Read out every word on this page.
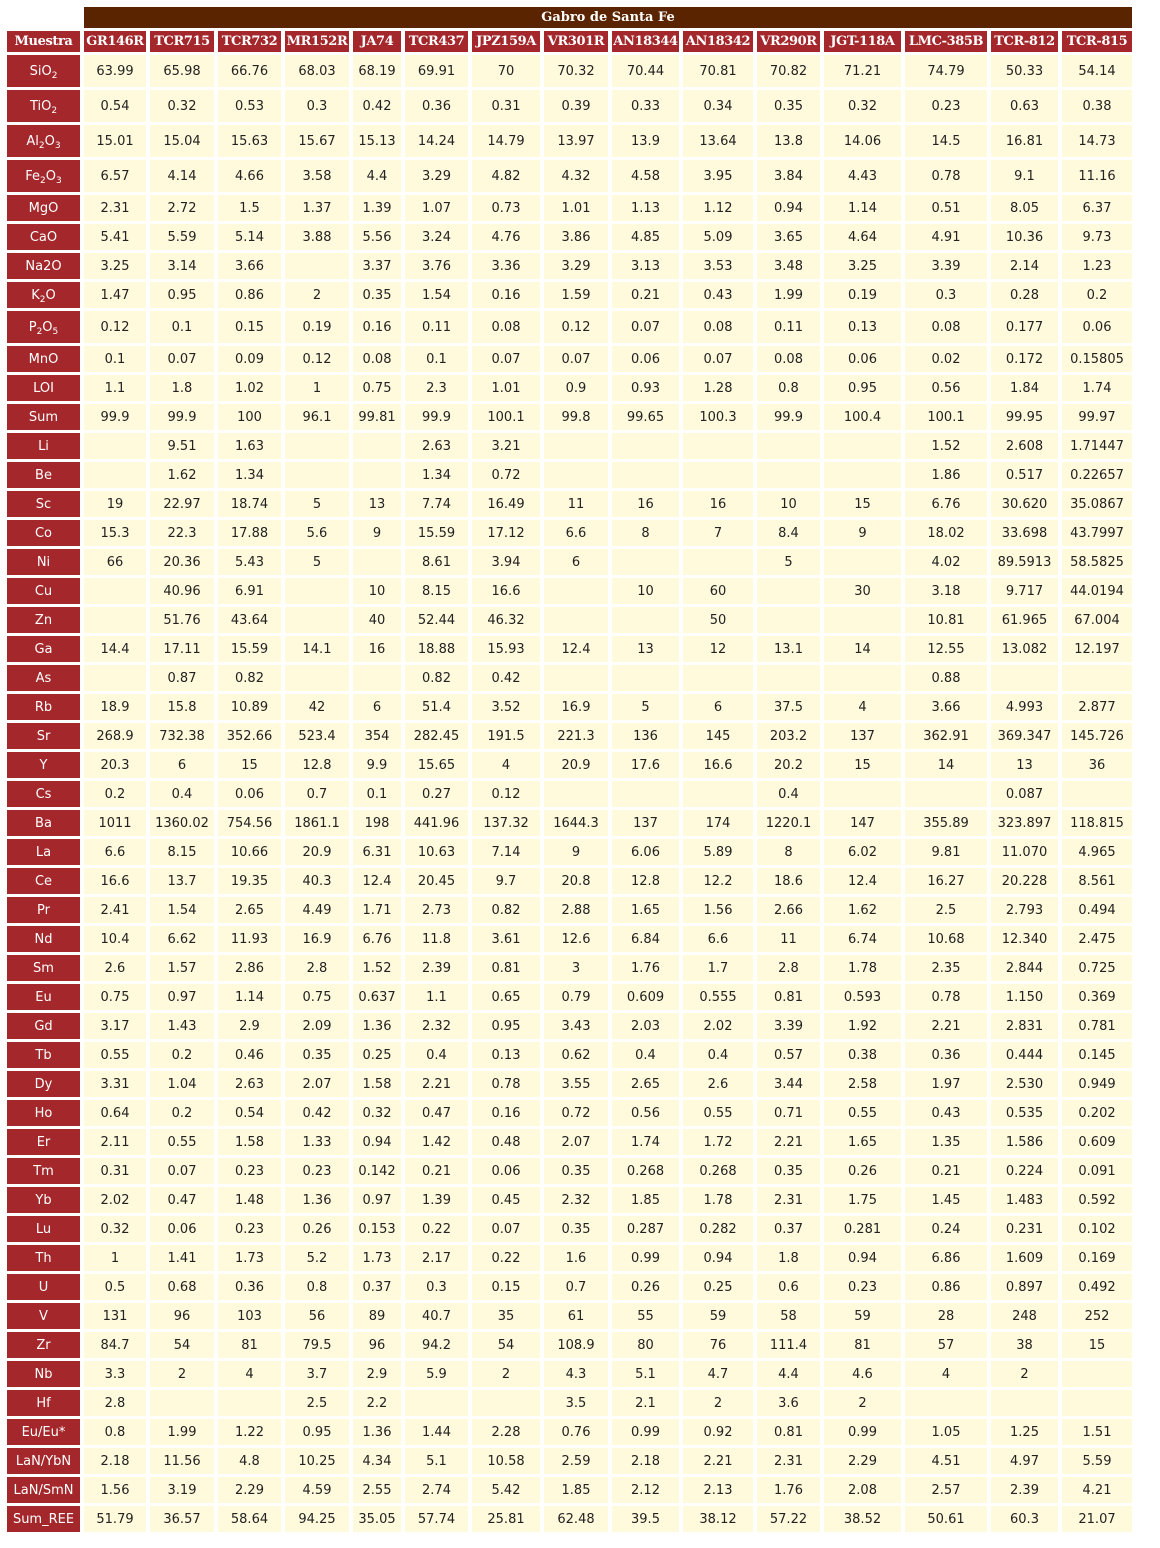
	Gabro de Santa Fe														
Muestra	GR146R	TCR715	TCR732	MR152R	JA74	TCR437	JPZ159A	VR301R	AN18344	AN18342	VR290R	JGT-118A	LMC-385B	TCR-812	TCR-815
SiO$_2$	63.99	65.98	66.76	68.03	68.19	69.91	70	70.32	70.44	70.81	70.82	71.21	74.79	50.33	54.14
TiO$_2$	0.54	0.32	0.53	0.3	0.42	0.36	0.31	0.39	0.33	0.34	0.35	0.32	0.23	0.63	0.38
$Al_2O_3$	15.01	15.04	15.63	15.67	15.13	14.24	14.79	13.97	13.9	13.64	13.8	14.06	14.5	16.81	14.73
$Fe_2O_3$	6.57	4.14	4.66	3.58	4.4	3.29	4.82	4.32	4.58	3.95	3.84	4.43	0.78	9.1	11.16
MgO	2.31	2.72	1.5	1.37	1.39	1.07	0.73	1.01	1.13	1.12	0.94	1.14	0.51	8.05	6.37
CaO	5.41	5.59	5.14	3.88	5.56	3.24	4.76	3.86	4.85	5.09	3.65	4.64	4.91	10.36	9.73
Na2O	3.25	3.14	3.66		3.37	3.76	3.36	3.29	3.13	3.53	3.48	3.25	3.39	2.14	1.23
$K_2O$	1.47	0.95	0.86	2	0.35	1.54	0.16	1.59	0.21	0.43	1.99	0.19	0.3	0.28	0.2
$P_2O_5$	0.12	0.1	0.15	0.19	0.16	0.11	0.08	0.12	0.07	0.08	0.11	0.13	0.08	0.177	0.06
MnO	0.1	0.07	0.09	0.12	0.08	0.1	0.07	0.07	0.06	0.07	0.08	0.06	0.02	0.172	0.15805
LOI	1.1	1.8	1.02	1	0.75	2.3	1.01	0.9	0.93	1.28	0.8	0.95	0.56	1.84	1.74
Sum	99.9	99.9	100	96.1	99.81	99.9	100.1	99.8	99.65	100.3	99.9	100.4	100.1	99.95	99.97
Li		9.51	1.63			2.63	3.21						1.52	2.608	1.71447
Be		1.62	1.34			1.34	0.72						1.86	0.517	0.22657
Sc	19	22.97	18.74	5	13	7.74	16.49	11	16	16	10	15	6.76	30.620	35.0867
Co	15.3	22.3	17.88	5.6	9	15.59	17.12	6.6	8	7	8.4	9	18.02	33.698	43.7997
Ni	66	20.36	5.43	5		8.61	3.94	6			5		4.02	89.5913	58.5825
Cu		40.96	6.91		10	8.15	16.6		10	60		30	3.18	9.717	44.0194
Zn		51.76	43.64		40	52.44	46.32			50			10.81	61.965	67.004
Ga	14.4	17.11	15.59	14.1	16	18.88	15.93	12.4	13	12	13.1	14	12.55	13.082	12.197
As		0.87	0.82			0.82	0.42						0.88		
Rb	18.9	15.8	10.89	42	6	51.4	3.52	16.9	5	6	37.5	4	3.66	4.993	2.877
Sr	268.9	732.38	352.66	523.4	354	282.45	191.5	221.3	136	145	203.2	137	362.91	369.347	145.726
Y	20.3	6	15	12.8	9.9	15.65	4	20.9	17.6	16.6	20.2	15	14	13	36
Cs	0.2	0.4	0.06	0.7	0.1	0.27	0.12				0.4			0.087	
Ba	1011	1360.02	754.56	1861.1	198	441.96	137.32	1644.3	137	174	1220.1	147	355.89	323.897	118.815
La	6.6	8.15	10.66	20.9	6.31	10.63	7.14	9	6.06	5.89	8	6.02	9.81	11.070	4.965
Ce	16.6	13.7	19.35	40.3	12.4	20.45	9.7	20.8	12.8	12.2	18.6	12.4	16.27	20.228	8.561
Pr	2.41	1.54	2.65	4.49	1.71	2.73	0.82	2.88	1.65	1.56	2.66	1.62	2.5	2.793	0.494
Nd	10.4	6.62	11.93	16.9	6.76	11.8	3.61	12.6	6.84	6.6	11	6.74	10.68	12.340	2.475
Sm	2.6	1.57	2.86	2.8	1.52	2.39	0.81	3	1.76	1.7	2.8	1.78	2.35	2.844	0.725
Eu	0.75	0.97	1.14	0.75	0.637	1.1	0.65	0.79	0.609	0.555	0.81	0.593	0.78	1.150	0.369
Gd	3.17	1.43	2.9	2.09	1.36	2.32	0.95	3.43	2.03	2.02	3.39	1.92	2.21	2.831	0.781
Tb	0.55	0.2	0.46	0.35	0.25	0.4	0.13	0.62	0.4	0.4	0.57	0.38	0.36	0.444	0.145
Dy	3.31	1.04	2.63	2.07	1.58	2.21	0.78	3.55	2.65	2.6	3.44	2.58	1.97	2.530	0.949
Ho	0.64	0.2	0.54	0.42	0.32	0.47	0.16	0.72	0.56	0.55	0.71	0.55	0.43	0.535	0.202
Er	2.11	0.55	1.58	1.33	0.94	1.42	0.48	2.07	1.74	1.72	2.21	1.65	1.35	1.586	0.609
Tm	0.31	0.07	0.23	0.23	0.142	0.21	0.06	0.35	0.268	0.268	0.35	0.26	0.21	0.224	0.091
Yb	2.02	0.47	1.48	1.36	0.97	1.39	0.45	2.32	1.85	1.78	2.31	1.75	1.45	1.483	0.592
Lu	0.32	0.06	0.23	0.26	0.153	0.22	0.07	0.35	0.287	0.282	0.37	0.281	0.24	0.231	0.102
Th	1	1.41	1.73	5.2	1.73	2.17	0.22	1.6	0.99	0.94	1.8	0.94	6.86	1.609	0.169
U	0.5	0.68	0.36	0.8	0.37	0.3	0.15	0.7	0.26	0.25	0.6	0.23	0.86	0.897	0.492
V	131	96	103	56	89	40.7	35	61	55	59	58	59	28	248	252
Zr	84.7	54	81	79.5	96	94.2	54	108.9	80	76	111.4	81	57	38	15
Nb	3.3	2	4	3.7	2.9	5.9	2	4.3	5.1	4.7	4.4	4.6	4	2	
Hf	2.8			2.5	2.2			3.5	2.1	2	3.6	2			
Eu/Eu*	0.8	1.99	1.22	0.95	1.36	1.44	2.28	0.76	0.99	0.92	0.81	0.99	1.05	1.25	1.51
LaN/YbN	2.18	11.56	4.8	10.25	4.34	5.1	10.58	2.59	2.18	2.21	2.31	2.29	4.51	4.97	5.59
LaN/SmN	1.56	3.19	2.29	4.59	2.55	2.74	5.42	1.85	2.12	2.13	1.76	2.08	2.57	2.39	4.21
Sum_REE	51.79	36.57	58.64	94.25	35.05	57.74	25.81	62.48	39.5	38.12	57.22	38.52	50.61	60.3	21.07
